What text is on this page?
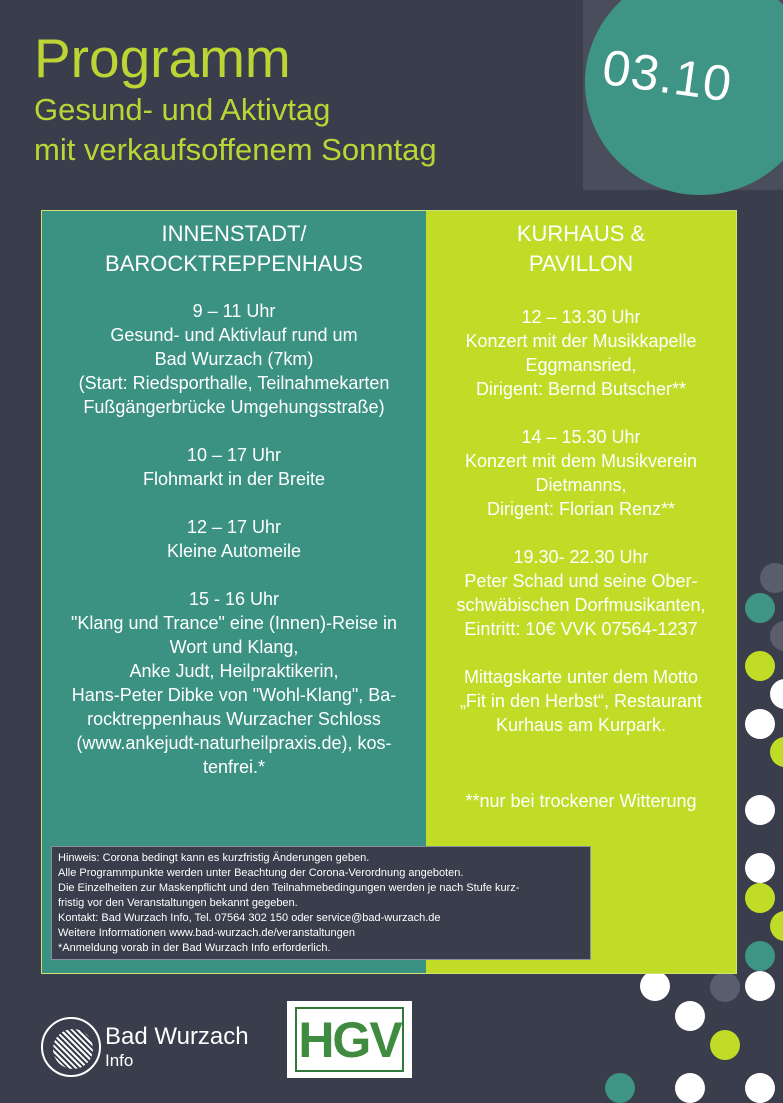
03.10
Programm
Gesund- und Aktivtag
mit verkaufsoffenem Sonntag
INNENSTADT/
BAROCKTREPPENHAUS
9 – 11 Uhr
Gesund- und Aktivlauf rund um
Bad Wurzach (7km)
(Start: Riedsporthalle, Teilnahmekarten
Fußgängerbrücke Umgehungsstraße)
10 – 17 Uhr
Flohmarkt in der Breite
12 – 17 Uhr
Kleine Automeile
15 - 16 Uhr
"Klang und Trance" eine (Innen)-Reise in
Wort und Klang,
Anke Judt, Heilpraktikerin,
Hans-Peter Dibke von "Wohl-Klang", Ba-
rocktreppenhaus Wurzacher Schloss
(www.ankejudt-naturheilpraxis.de), kos-
tenfrei.*
KURHAUS &
PAVILLON
12 – 13.30 Uhr
Konzert mit der Musikkapelle
Eggmansried,
Dirigent: Bernd Butscher**
14 – 15.30 Uhr
Konzert mit dem Musikverein
Dietmanns,
Dirigent: Florian Renz**
19.30- 22.30 Uhr
Peter Schad und seine Ober-
schwäbischen Dorfmusikanten,
Eintritt: 10€ VVK 07564-1237
Mittagskarte unter dem Motto
„Fit in den Herbst“, Restaurant
Kurhaus am Kurpark.
**nur bei trockener Witterung
Hinweis: Corona bedingt kann es kurzfristig Änderungen geben.
Alle Programmpunkte werden unter Beachtung der Corona-Verordnung angeboten.
Die Einzelheiten zur Maskenpflicht und den Teilnahmebedingungen werden je nach Stufe kurz-
fristig vor den Veranstaltungen bekannt gegeben.
Kontakt: Bad Wurzach Info, Tel. 07564 302 150 oder service@bad-wurzach.de
Weitere Informationen www.bad-wurzach.de/veranstaltungen
*Anmeldung vorab in der Bad Wurzach Info erforderlich.
Bad Wurzach
Info	HGV
